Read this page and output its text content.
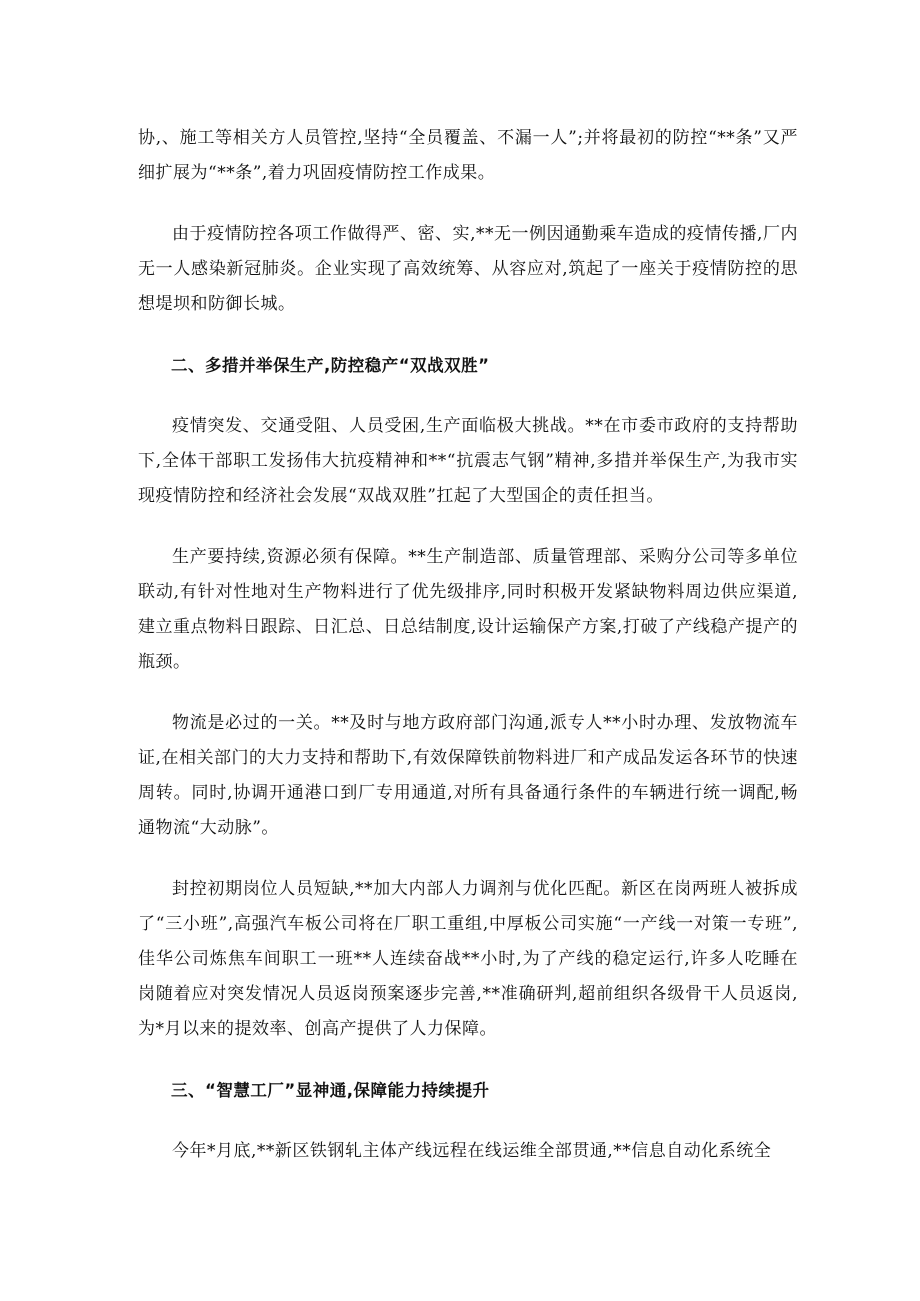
协,、施工等相关方人员管控,坚持“全员覆盖、不漏一人”;并将最初的防控“**条”又严细扩展为“**条”,着力巩固疫情防控工作成果。

由于疫情防控各项工作做得严、密、实,**无一例因通勤乘车造成的疫情传播,厂内无一人感染新冠肺炎。企业实现了高效统筹、从容应对,筑起了一座关于疫情防控的思想堤坝和防御长城。

二、多措并举保生产,防控稳产“双战双胜”

疫情突发、交通受阻、人员受困,生产面临极大挑战。**在市委市政府的支持帮助下,全体干部职工发扬伟大抗疫精神和**“抗震志气钢”精神,多措并举保生产,为我市实现疫情防控和经济社会发展“双战双胜”扛起了大型国企的责任担当。

生产要持续,资源必须有保障。**生产制造部、质量管理部、采购分公司等多单位联动,有针对性地对生产物料进行了优先级排序,同时积极开发紧缺物料周边供应渠道,建立重点物料日跟踪、日汇总、日总结制度,设计运输保产方案,打破了产线稳产提产的瓶颈。

物流是必过的一关。**及时与地方政府部门沟通,派专人**小时办理、发放物流车证,在相关部门的大力支持和帮助下,有效保障铁前物料进厂和产成品发运各环节的快速周转。同时,协调开通港口到厂专用通道,对所有具备通行条件的车辆进行统一调配,畅通物流“大动脉”。

封控初期岗位人员短缺,**加大内部人力调剂与优化匹配。新区在岗两班人被拆成了“三小班”,高强汽车板公司将在厂职工重组,中厚板公司实施“一产线一对策一专班”,佳华公司炼焦车间职工一班**人连续奋战**小时,为了产线的稳定运行,许多人吃睡在岗随着应对突发情况人员返岗预案逐步完善,**准确研判,超前组织各级骨干人员返岗,为*月以来的提效率、创高产提供了人力保障。

三、“智慧工厂”显神通,保障能力持续提升

今年*月底,**新区铁钢轧主体产线远程在线运维全部贯通,**信息自动化系统全
